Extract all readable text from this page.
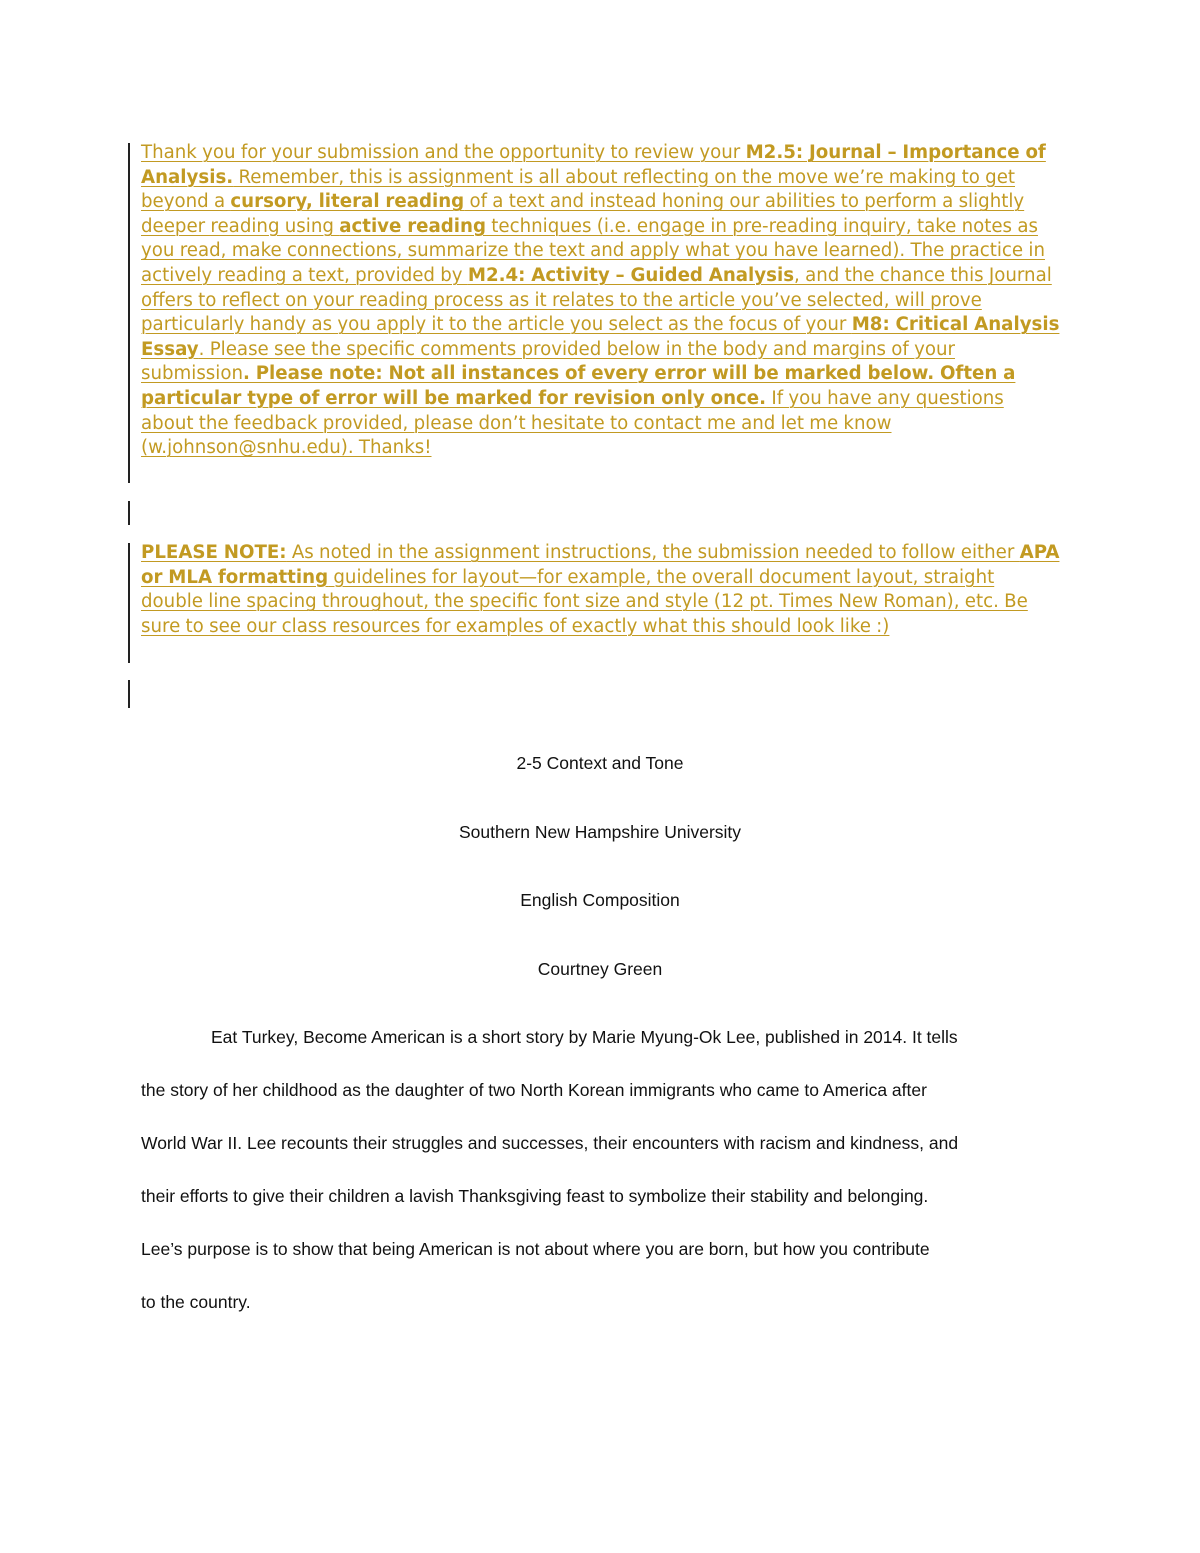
Thank you for your submission and the opportunity to review your M2.5: Journal – Importance of Analysis. Remember, this is assignment is all about reflecting on the move we’re making to get beyond a cursory, literal reading of a text and instead honing our abilities to perform a slightly deeper reading using active reading techniques (i.e. engage in pre-reading inquiry, take notes as you read, make connections, summarize the text and apply what you have learned). The practice in actively reading a text, provided by M2.4: Activity – Guided Analysis, and the chance this Journal offers to reflect on your reading process as it relates to the article you’ve selected, will prove particularly handy as you apply it to the article you select as the focus of your M8: Critical Analysis Essay. Please see the specific comments provided below in the body and margins of your submission. Please note: Not all instances of every error will be marked below. Often a particular type of error will be marked for revision only once. If you have any questions about the feedback provided, please don’t hesitate to contact me and let me know (w.johnson@snhu.edu). Thanks!
PLEASE NOTE: As noted in the assignment instructions, the submission needed to follow either APA or MLA formatting guidelines for layout—for example, the overall document layout, straight double line spacing throughout, the specific font size and style (12 pt. Times New Roman), etc. Be sure to see our class resources for examples of exactly what this should look like :)
2-5 Context and Tone
Southern New Hampshire University
English Composition
Courtney Green
Eat Turkey, Become American is a short story by Marie Myung-Ok Lee, published in 2014. It tells
the story of her childhood as the daughter of two North Korean immigrants who came to America after
World War II. Lee recounts their struggles and successes, their encounters with racism and kindness, and
their efforts to give their children a lavish Thanksgiving feast to symbolize their stability and belonging.
Lee’s purpose is to show that being American is not about where you are born, but how you contribute
to the country.
